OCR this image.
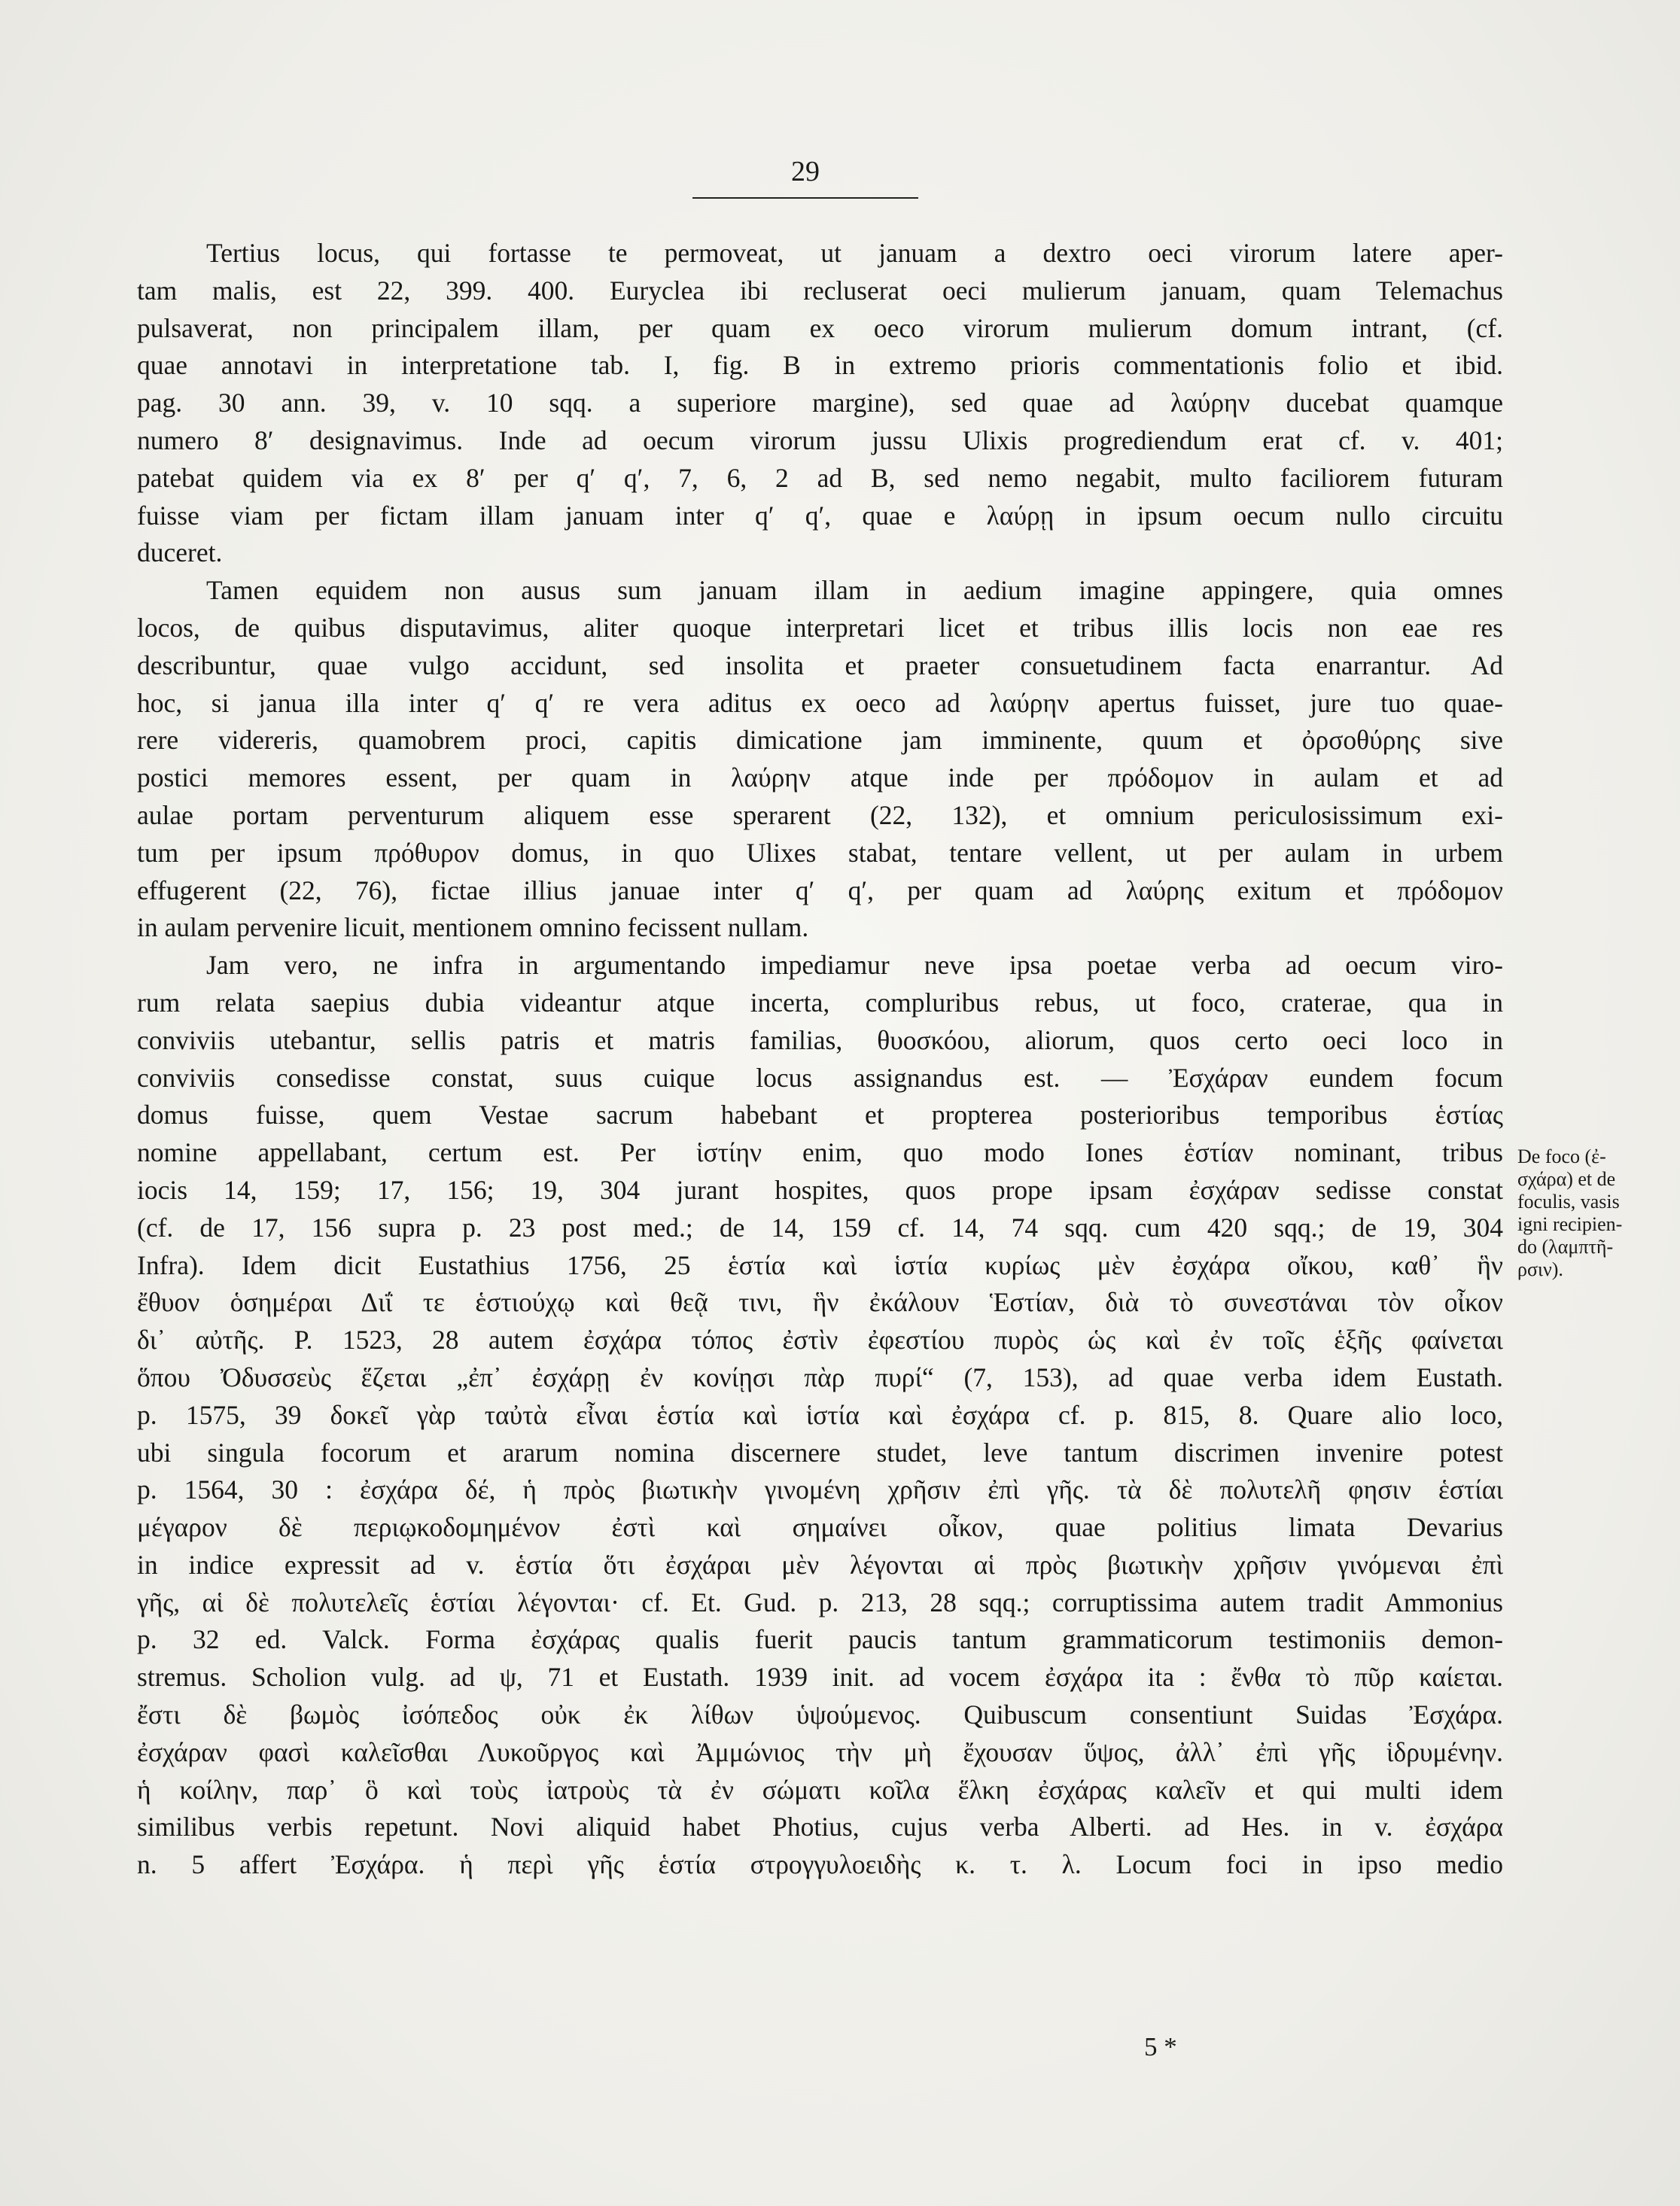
29
Tertius locus, qui fortasse te permoveat, ut januam a dextro oeci virorum latere aper-
tam malis, est 22, 399. 400. Euryclea ibi recluserat oeci mulierum januam, quam Telemachus
pulsaverat, non principalem illam, per quam ex oeco virorum mulierum domum intrant, (cf.
quae annotavi in interpretatione tab. I, fig. B in extremo prioris commentationis folio et ibid.
pag. 30 ann. 39, v. 10 sqq. a superiore margine), sed quae ad λαύρην ducebat quamque
numero 8′ designavimus. Inde ad oecum virorum jussu Ulixis progrediendum erat cf. v. 401;
patebat quidem via ex 8′ per q′ q′, 7, 6, 2 ad B, sed nemo negabit, multo faciliorem futuram
fuisse viam per fictam illam januam inter q′ q′, quae e λαύρῃ in ipsum oecum nullo circuitu
duceret.
Tamen equidem non ausus sum januam illam in aedium imagine appingere, quia omnes
locos, de quibus disputavimus, aliter quoque interpretari licet et tribus illis locis non eae res
describuntur, quae vulgo accidunt, sed insolita et praeter consuetudinem facta enarrantur. Ad
hoc, si janua illa inter q′ q′ re vera aditus ex oeco ad λαύρην apertus fuisset, jure tuo quae-
rere videreris, quamobrem proci, capitis dimicatione jam imminente, quum et ὀρσοθύρης sive
postici memores essent, per quam in λαύρην atque inde per πρόδομον in aulam et ad
aulae portam perventurum aliquem esse sperarent (22, 132), et omnium periculosissimum exi-
tum per ipsum πρόθυρον domus, in quo Ulixes stabat, tentare vellent, ut per aulam in urbem
effugerent (22, 76), fictae illius januae inter q′ q′, per quam ad λαύρης exitum et πρόδομον
in aulam pervenire licuit, mentionem omnino fecissent nullam.
Jam vero, ne infra in argumentando impediamur neve ipsa poetae verba ad oecum viro-
rum relata saepius dubia videantur atque incerta, compluribus rebus, ut foco, craterae, qua in
conviviis utebantur, sellis patris et matris familias, θυοσκόου, aliorum, quos certo oeci loco in
conviviis consedisse constat, suus cuique locus assignandus est. — Ἐσχάραν eundem focum
domus fuisse, quem Vestae sacrum habebant et propterea posterioribus temporibus ἑστίας
nomine appellabant, certum est. Per ἱστίην enim, quo modo Iones ἑστίαν nominant, tribus
iocis 14, 159; 17, 156; 19, 304 jurant hospites, quos prope ipsam ἐσχάραν sedisse constat
(cf. de 17, 156 supra p. 23 post med.; de 14, 159 cf. 14, 74 sqq. cum 420 sqq.; de 19, 304
Infra). Idem dicit Eustathius 1756, 25 ἑστία καὶ ἱστία κυρίως μὲν ἐσχάρα οἴκου, καθ᾽ ἣν
ἔθυον ὁσημέραι Διΐ τε ἑστιούχῳ καὶ θεᾷ τινι, ἣν ἐκάλουν Ἑστίαν, διὰ τὸ συνεστάναι τὸν οἶκον
δι᾽ αὐτῆς. P. 1523, 28 autem ἐσχάρα τόπος ἐστὶν ἐφεστίου πυρὸς ὡς καὶ ἐν τοῖς ἑξῆς φαίνεται
ὅπου Ὀδυσσεὺς ἕζεται „ἐπ᾽ ἐσχάρῃ ἐν κονίῃσι πὰρ πυρί“ (7, 153), ad quae verba idem Eustath.
p. 1575, 39 δοκεῖ γὰρ ταὐτὰ εἶναι ἑστία καὶ ἱστία καὶ ἐσχάρα cf. p. 815, 8. Quare alio loco,
ubi singula focorum et ararum nomina discernere studet, leve tantum discrimen invenire potest
p. 1564, 30 : ἐσχάρα δέ, ἡ πρὸς βιωτικὴν γινομένη χρῆσιν ἐπὶ γῆς. τὰ δὲ πολυτελῆ φησιν ἑστίαι
μέγαρον δὲ περιῳκοδομημένον ἐστὶ καὶ σημαίνει οἶκον, quae politius limata Devarius
in indice expressit ad v. ἑστία ὅτι ἐσχάραι μὲν λέγονται αἱ πρὸς βιωτικὴν χρῆσιν γινόμεναι ἐπὶ
γῆς, αἱ δὲ πολυτελεῖς ἑστίαι λέγονται· cf. Et. Gud. p. 213, 28 sqq.; corruptissima autem tradit Ammonius
p. 32 ed. Valck. Forma ἐσχάρας qualis fuerit paucis tantum grammaticorum testimoniis demon-
stremus. Scholion vulg. ad ψ, 71 et Eustath. 1939 init. ad vocem ἐσχάρα ita : ἔνθα τὸ πῦρ καίεται.
ἔστι δὲ βωμὸς ἰσόπεδος οὐκ ἐκ λίθων ὑψούμενος. Quibuscum consentiunt Suidas Ἐσχάρα.
ἐσχάραν φασὶ καλεῖσθαι Λυκοῦργος καὶ Ἀμμώνιος τὴν μὴ ἔχουσαν ὕψος, ἀλλ᾽ ἐπὶ γῆς ἱδρυμένην.
ἡ κοίλην, παρ᾽ ὃ καὶ τοὺς ἰατροὺς τὰ ἐν σώματι κοῖλα ἕλκη ἐσχάρας καλεῖν et qui multi idem
similibus verbis repetunt. Novi aliquid habet Photius, cujus verba Alberti. ad Hes. in v. ἐσχάρα
n. 5 affert Ἐσχάρα. ἡ περὶ γῆς ἑστία στρογγυλοειδὴς κ. τ. λ. Locum foci in ipso medio
De foco (ἐ-
σχάρα) et de
foculis, vasis
igni recipien-
do (λαμπτῆ-
ρσιν).
5 *
